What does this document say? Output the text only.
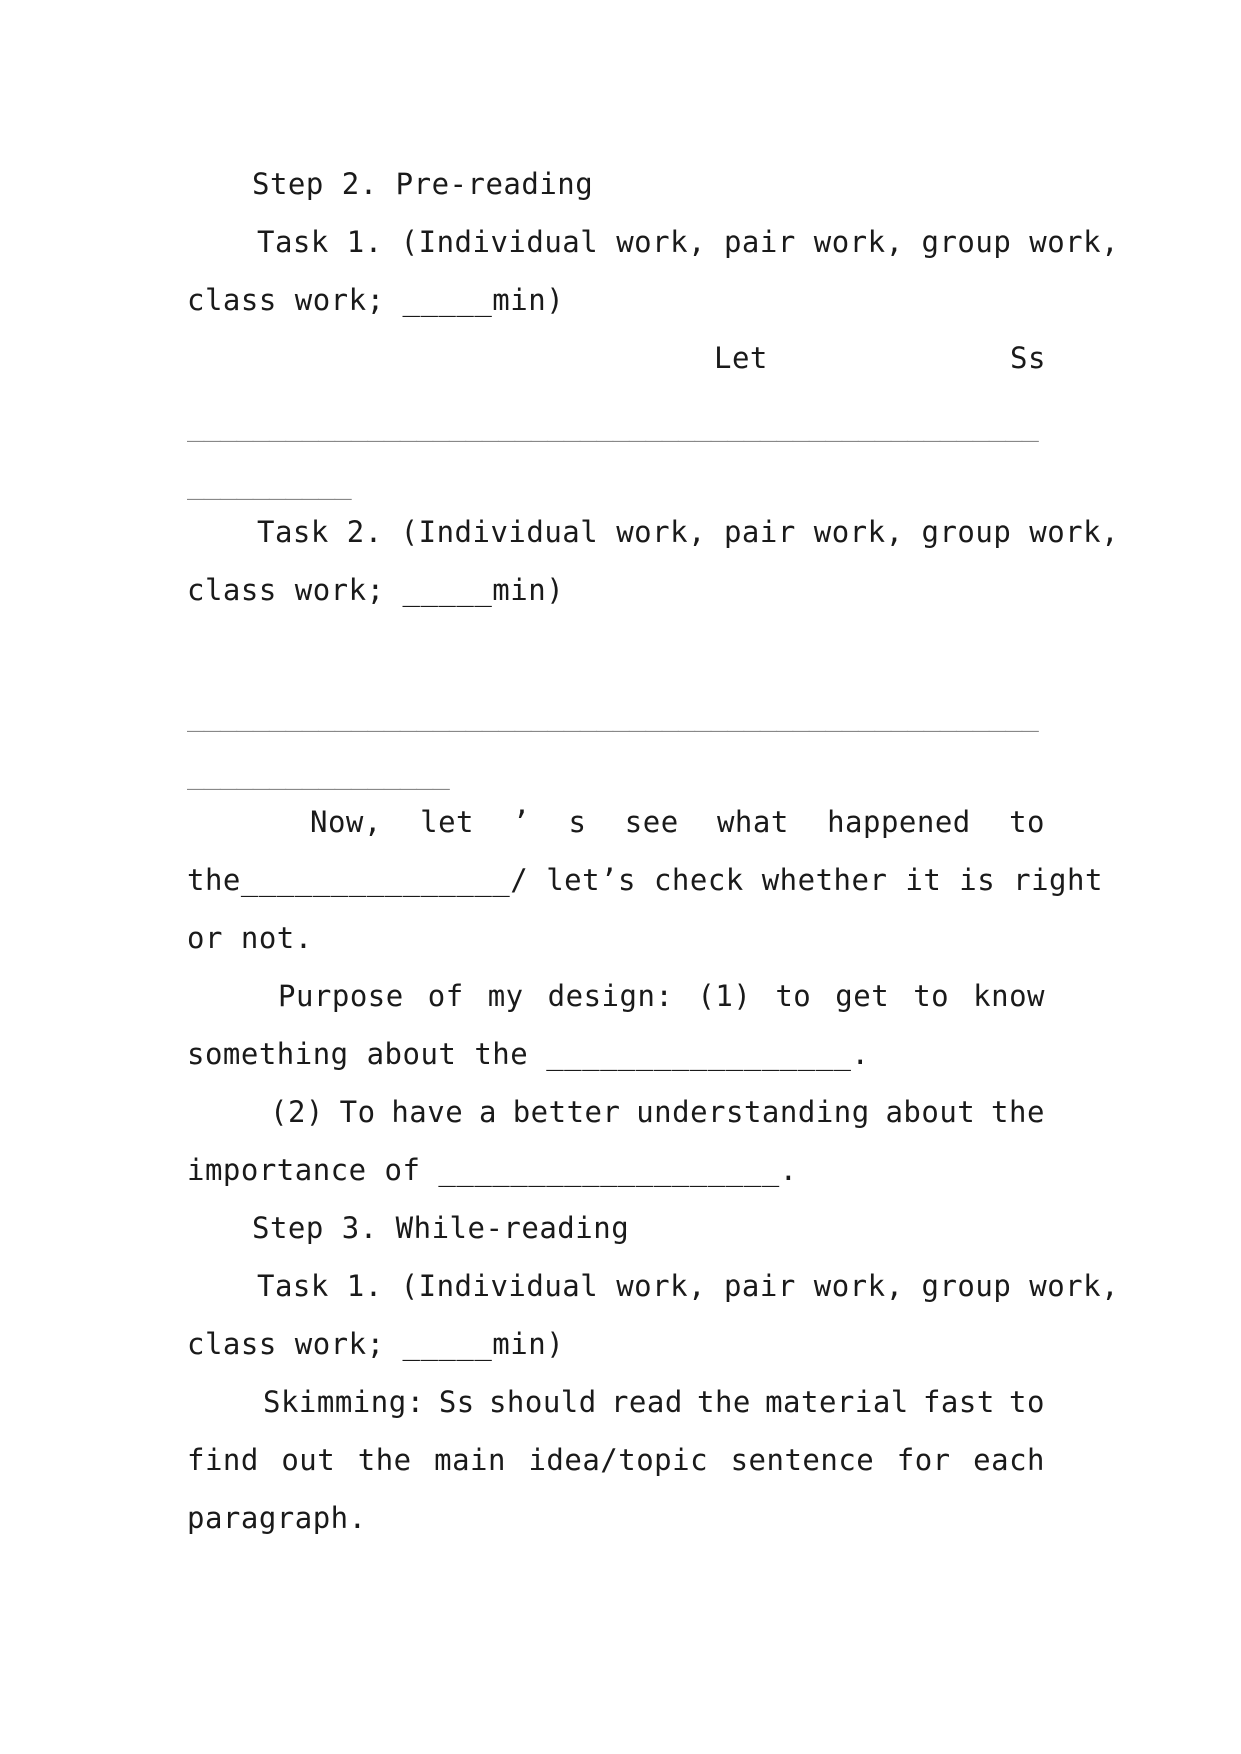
Step 2. Pre-reading
Task 1. (Individual work, pair work, group work,
class work; _____min)
Let	Ss
____________________________________________________
__________
Task 2. (Individual work, pair work, group work,
class work; _____min)
____________________________________________________
________________
Now, let ’ s see what happened to
the_______________/ let’s check whether it is right
or not.
Purpose of my design: (1) to get to know
something about the _________________.
(2) To have a better understanding about the
importance of ___________________.
Step 3. While-reading
Task 1. (Individual work, pair work, group work,
class work; _____min)
Skimming: Ss should read the material fast to
find out the main idea/topic sentence for each
paragraph.
